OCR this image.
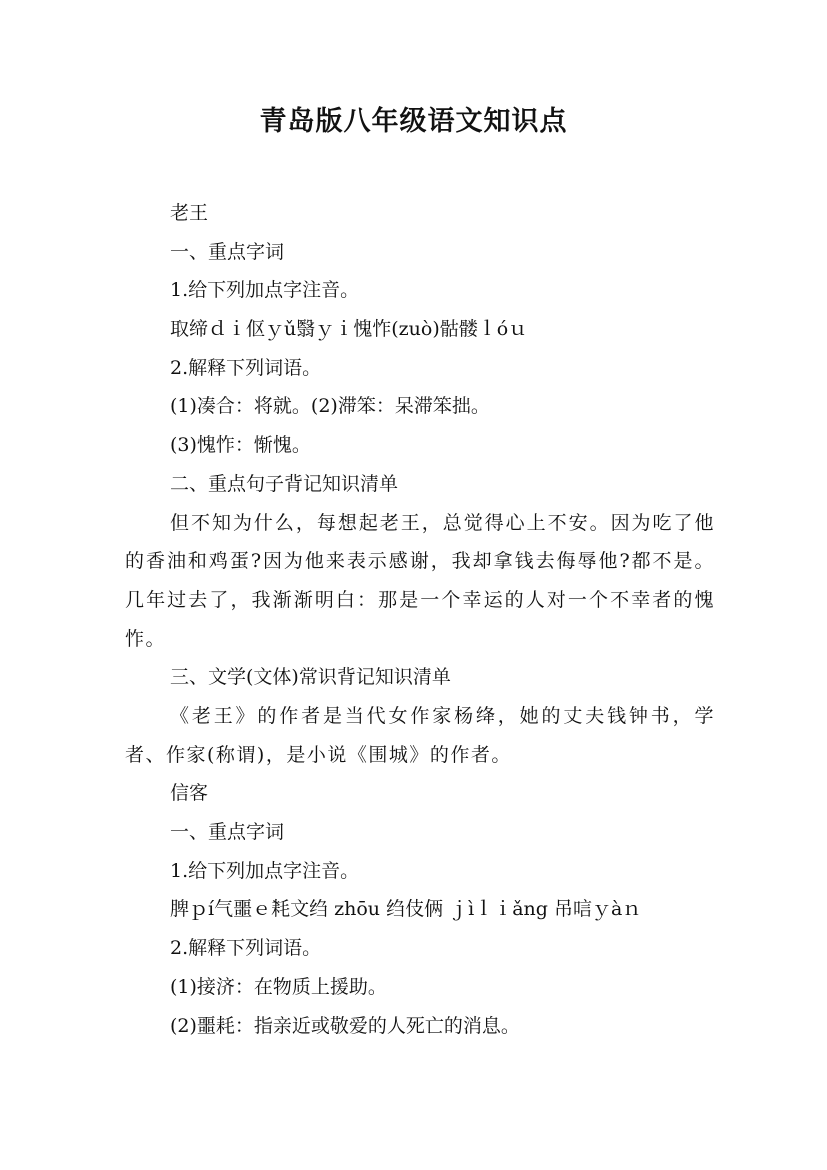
青岛版八年级语文知识点
老王
一、重点字词
1.给下列加点字注音。
取缔ｄｉ伛ｙǔ翳ｙｉ愧怍(zuò)骷髅ｌóｕ
2.解释下列词语。
(1)凑合：将就。(2)滞笨：呆滞笨拙。
(3)愧怍：惭愧。
二、重点句子背记知识清单
但不知为什么，每想起老王，总觉得心上不安。因为吃了他的香油和鸡蛋?因为他来表示感谢，我却拿钱去侮辱他?都不是。几年过去了，我渐渐明白：那是一个幸运的人对一个不幸者的愧怍。
三、文学(文体)常识背记知识清单
《老王》的作者是当代女作家杨绛，她的丈夫钱钟书，学者、作家(称谓)，是小说《围城》的作者。
信客
一、重点字词
1.给下列加点字注音。
脾ｐí气噩ｅ̀耗文绉 zhōu 绉伎俩 ｊìｌｉǎng 吊唁ｙàｎ
2.解释下列词语。
(1)接济：在物质上援助。
(2)噩耗：指亲近或敬爱的人死亡的消息。
